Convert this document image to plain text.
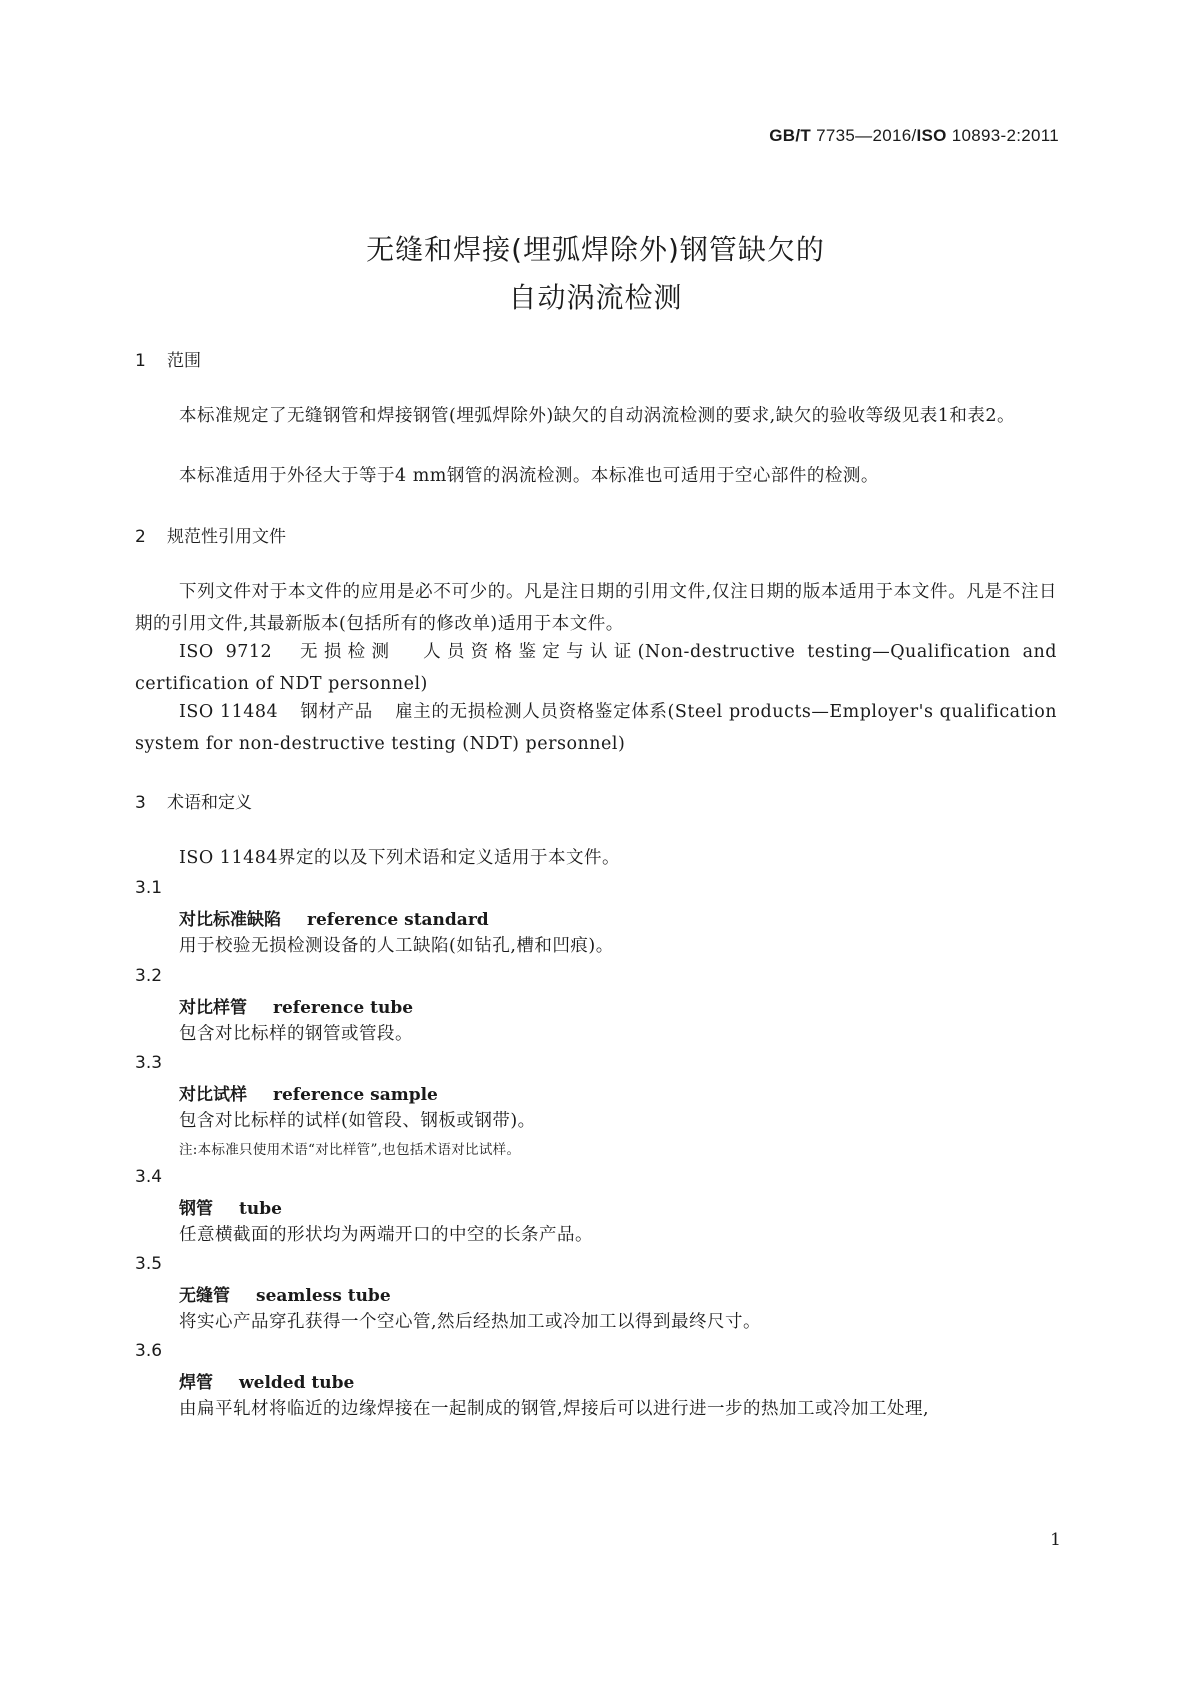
GB/T 7735—2016/ISO 10893-2:2011
无缝和焊接(埋弧焊除外)钢管缺欠的
自动涡流检测
1 范围
本标准规定了无缝钢管和焊接钢管(埋弧焊除外)缺欠的自动涡流检测的要求,缺欠的验收等级见表1和表2。
本标准适用于外径大于等于4 mm钢管的涡流检测。本标准也可适用于空心部件的检测。
2 规范性引用文件
下列文件对于本文件的应用是必不可少的。凡是注日期的引用文件,仅注日期的版本适用于本文件。凡是不注日期的引用文件,其最新版本(包括所有的修改单)适用于本文件。
ISO 9712 无损检测 人员资格鉴定与认证(Non-destructive testing—Qualification and certification of NDT personnel)
ISO 11484 钢材产品 雇主的无损检测人员资格鉴定体系(Steel products—Employer's qualification system for non-destructive testing (NDT) personnel)
3 术语和定义
ISO 11484界定的以及下列术语和定义适用于本文件。
3.1
对比标准缺陷 reference standard
用于校验无损检测设备的人工缺陷(如钻孔,槽和凹痕)。
3.2
对比样管 reference tube
包含对比标样的钢管或管段。
3.3
对比试样 reference sample
包含对比标样的试样(如管段、钢板或钢带)。
注:本标准只使用术语“对比样管”,也包括术语对比试样。
3.4
钢管 tube
任意横截面的形状均为两端开口的中空的长条产品。
3.5
无缝管 seamless tube
将实心产品穿孔获得一个空心管,然后经热加工或冷加工以得到最终尺寸。
3.6
焊管 welded tube
由扁平轧材将临近的边缘焊接在一起制成的钢管,焊接后可以进行进一步的热加工或冷加工处理,
1
